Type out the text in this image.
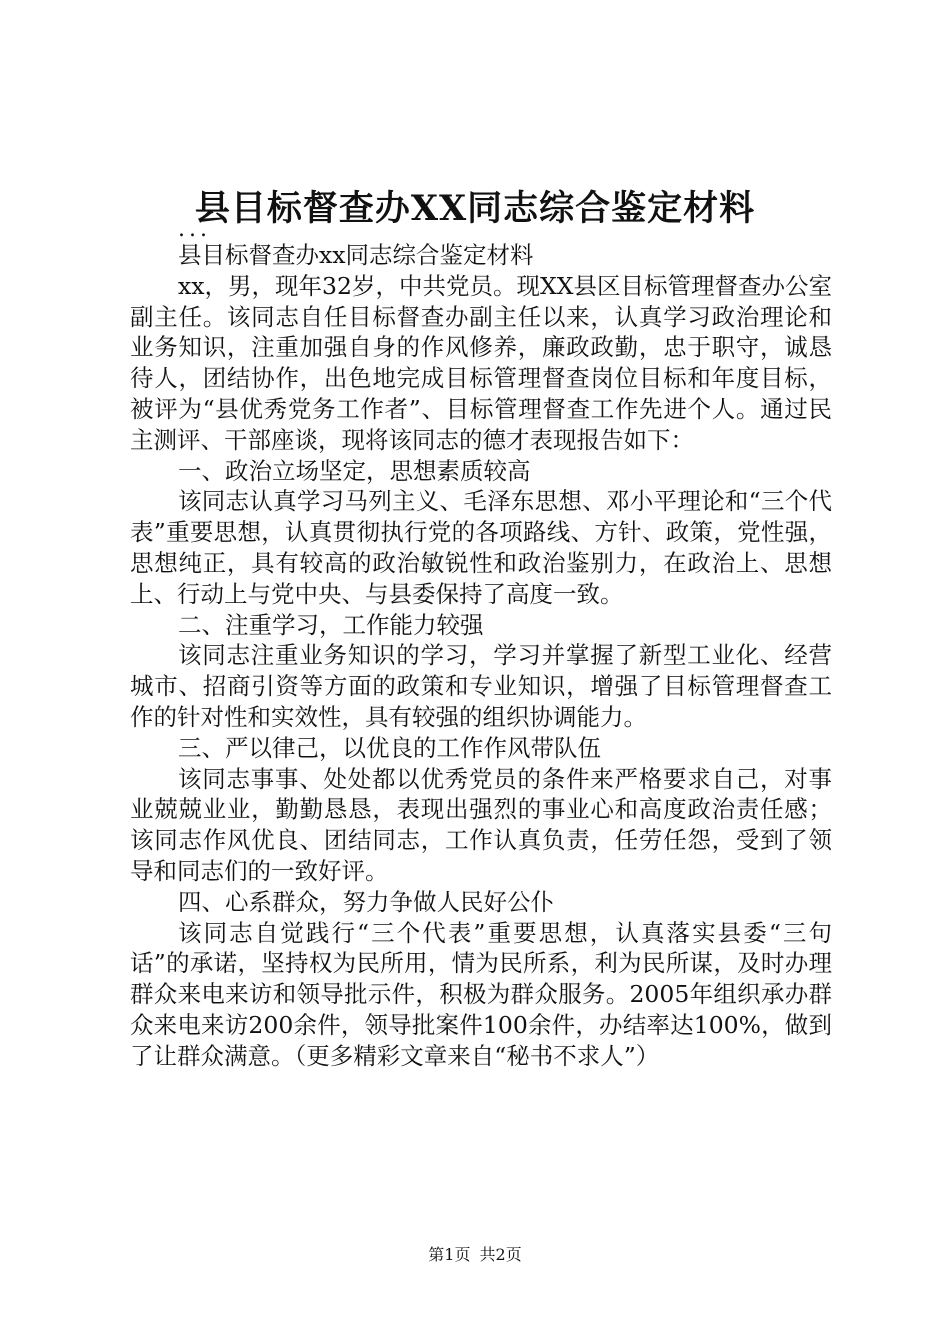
县目标督查办XX同志综合鉴定材料
...

县目标督查办xx同志综合鉴定材料

xx，男，现年32岁，中共党员。现XX县区目标管理督查办公室副主任。该同志自任目标督查办副主任以来，认真学习政治理论和业务知识，注重加强自身的作风修养，廉政政勤，忠于职守，诚恳待人，团结协作，出色地完成目标管理督查岗位目标和年度目标，被评为“县优秀党务工作者”、目标管理督查工作先进个人。通过民主测评、干部座谈，现将该同志的德才表现报告如下：

一、政治立场坚定，思想素质较高

该同志认真学习马列主义、毛泽东思想、邓小平理论和“三个代表”重要思想，认真贯彻执行党的各项路线、方针、政策，党性强，思想纯正，具有较高的政治敏锐性和政治鉴别力，在政治上、思想上、行动上与党中央、与县委保持了高度一致。

二、注重学习，工作能力较强

该同志注重业务知识的学习，学习并掌握了新型工业化、经营城市、招商引资等方面的政策和专业知识，增强了目标管理督查工作的针对性和实效性，具有较强的组织协调能力。

三、严以律己，以优良的工作作风带队伍

该同志事事、处处都以优秀党员的条件来严格要求自己，对事业兢兢业业，勤勤恳恳，表现出强烈的事业心和高度政治责任感；该同志作风优良、团结同志，工作认真负责，任劳任怨，受到了领导和同志们的一致好评。

四、心系群众，努力争做人民好公仆

该同志自觉践行“三个代表”重要思想，认真落实县委“三句话”的承诺，坚持权为民所用，情为民所系，利为民所谋，及时办理群众来电来访和领导批示件，积极为群众服务。2005年组织承办群众来电来访200余件，领导批案件100余件，办结率达100%，做到了让群众满意。（更多精彩文章来自“秘书不求人”）

第1页 共2页
